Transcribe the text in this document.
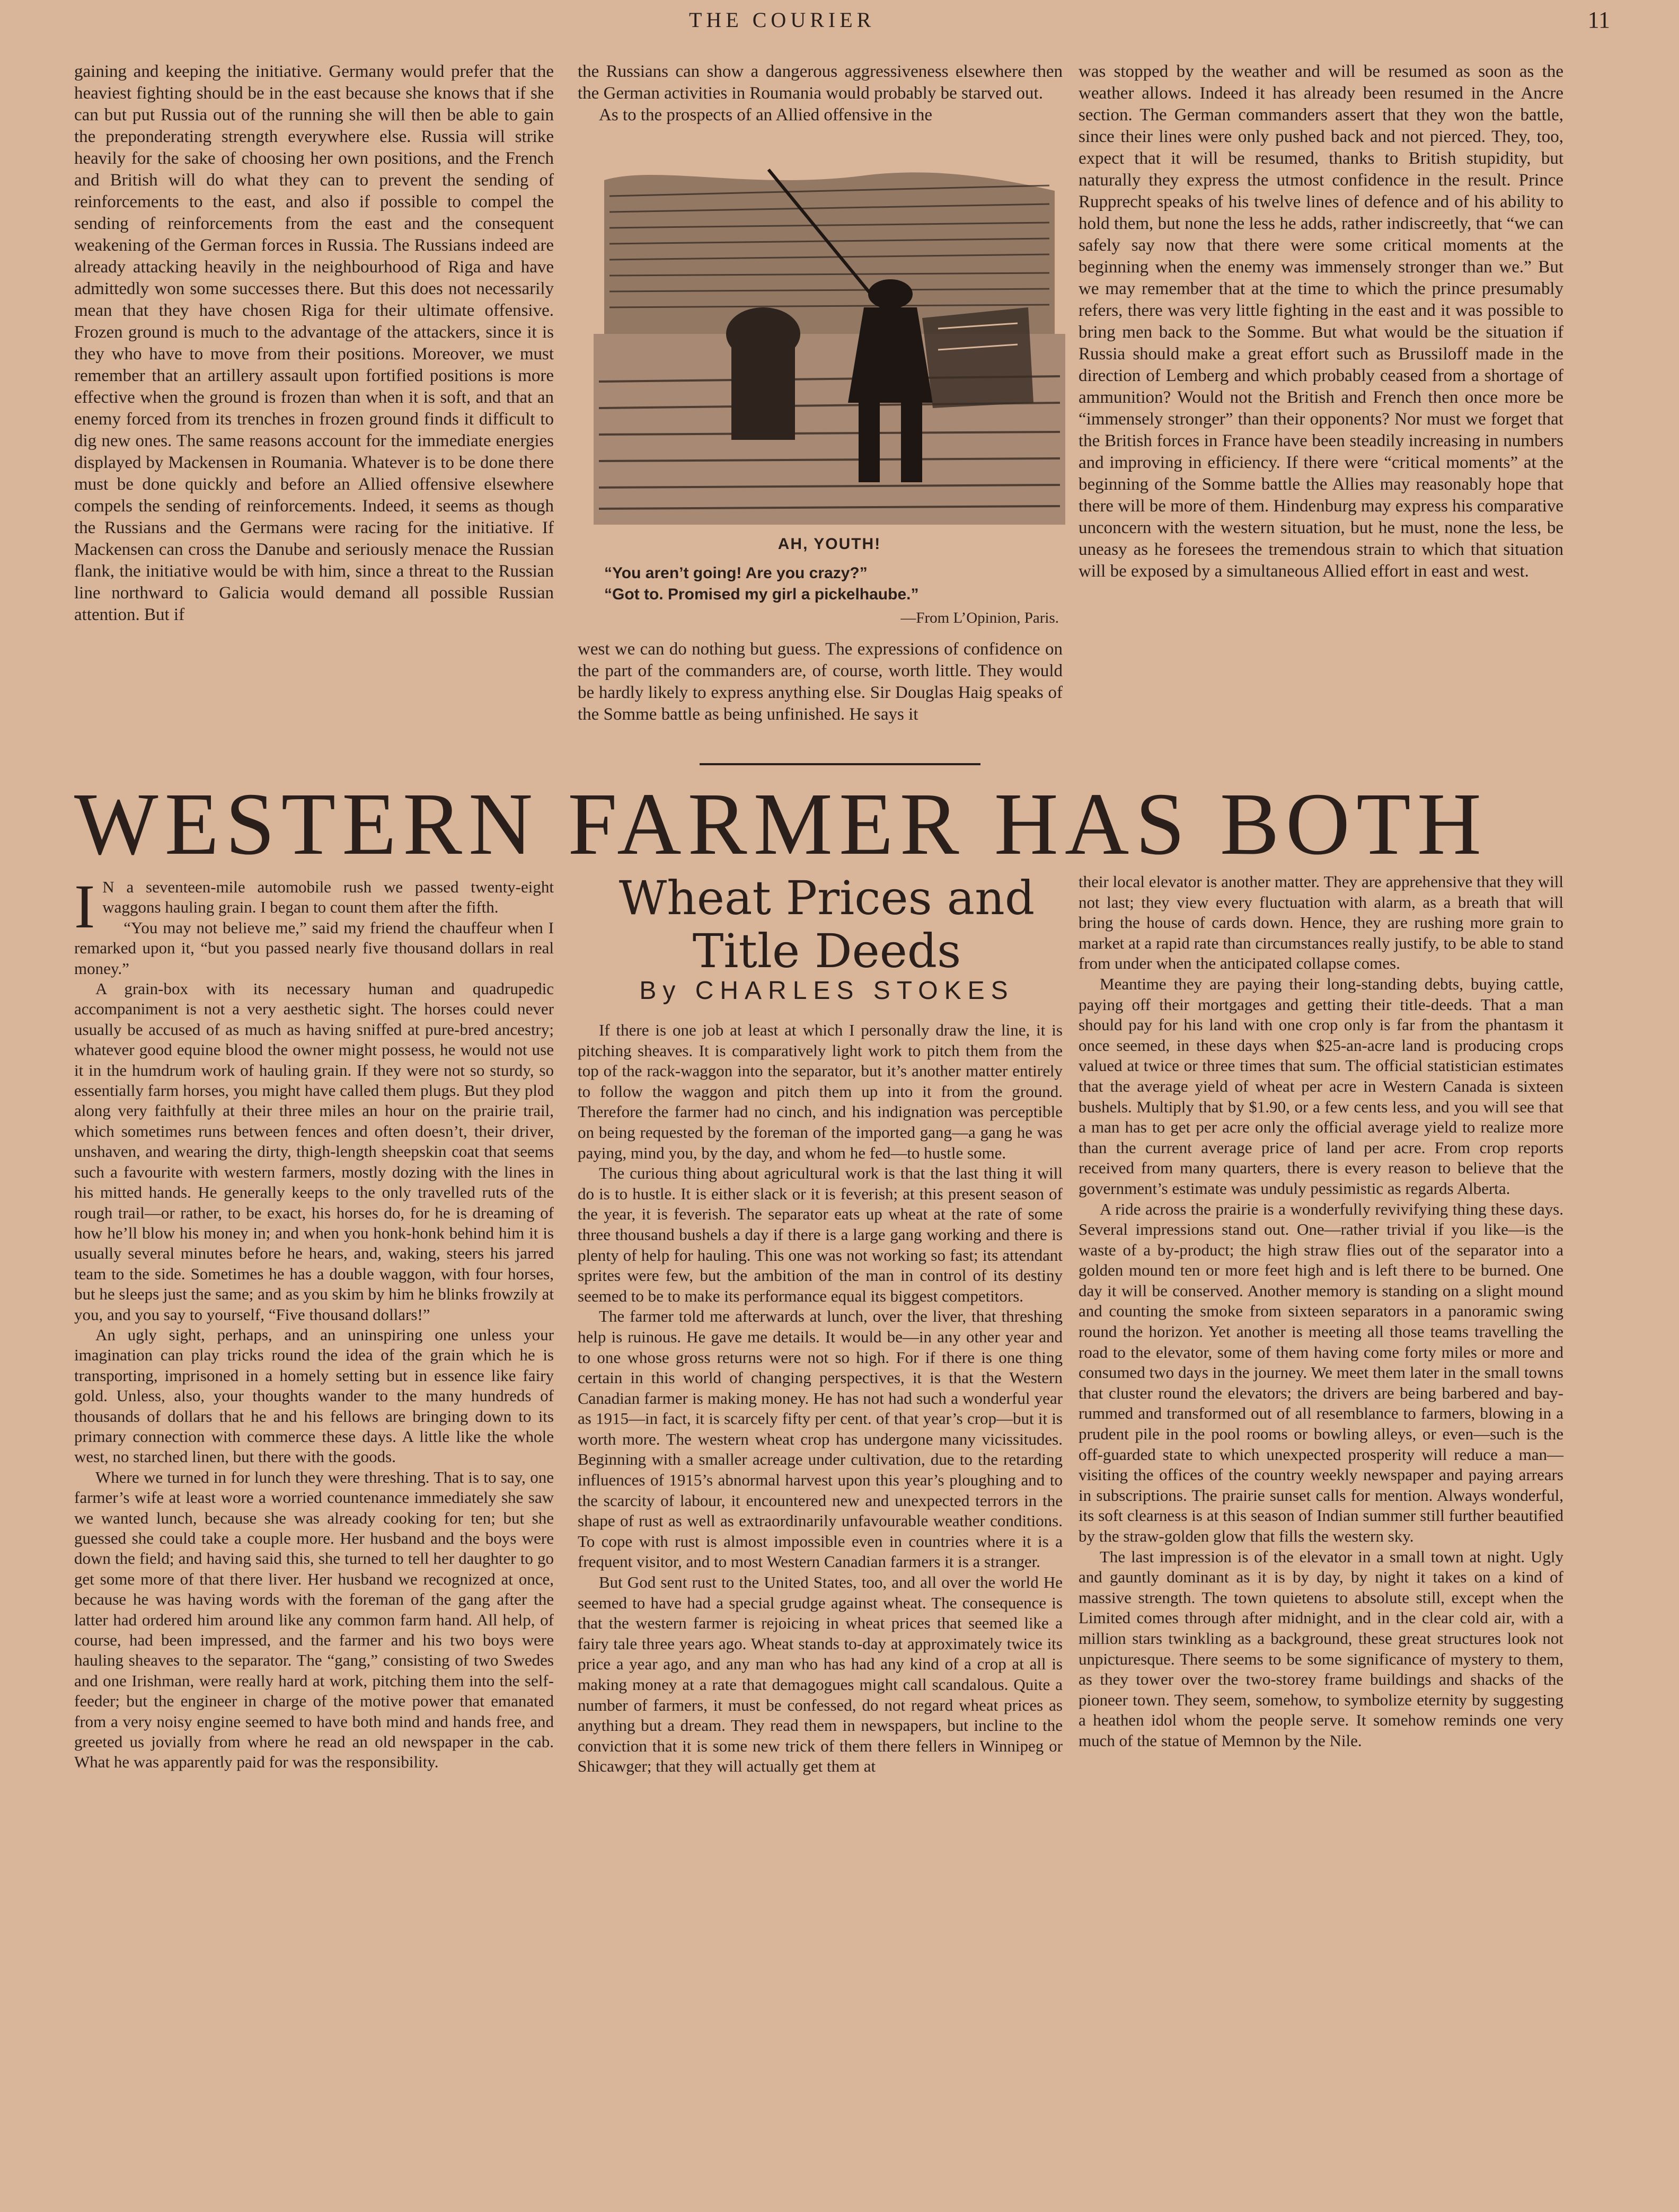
THE COURIER	11

gaining and keeping the initiative. Germany would prefer that the heaviest fighting should be in the east because she knows that if she can but put Russia out of the running she will then be able to gain the preponderating strength everywhere else. Russia will strike heavily for the sake of choosing her own positions, and the French and British will do what they can to prevent the sending of reinforcements to the east, and also if possible to compel the sending of reinforcements from the east and the consequent weakening of the German forces in Russia. The Russians indeed are already attacking heavily in the neighbourhood of Riga and have admittedly won some successes there. But this does not necessarily mean that they have chosen Riga for their ultimate offensive. Frozen ground is much to the advantage of the attackers, since it is they who have to move from their positions. Moreover, we must remember that an artillery assault upon fortified positions is more effective when the ground is frozen than when it is soft, and that an enemy forced from its trenches in frozen ground finds it difficult to dig new ones. The same reasons account for the immediate energies displayed by Mackensen in Roumania. Whatever is to be done there must be done quickly and before an Allied offensive elsewhere compels the sending of reinforcements. Indeed, it seems as though the Russians and the Germans were racing for the initiative. If Mackensen can cross the Danube and seriously menace the Russian flank, the initiative would be with him, since a threat to the Russian line northward to Galicia would demand all possible Russian attention. But if

the Russians can show a dangerous aggressiveness elsewhere then the German activities in Roumania would probably be starved out.

As to the prospects of an Allied offensive in the

AH, YOUTH!
“You aren’t going! Are you crazy?”
“Got to. Promised my girl a pickelhaube.”
—From L’Opinion, Paris.

west we can do nothing but guess. The expressions of confidence on the part of the commanders are, of course, worth little. They would be hardly likely to express anything else. Sir Douglas Haig speaks of the Somme battle as being unfinished. He says it

was stopped by the weather and will be resumed as soon as the weather allows. Indeed it has already been resumed in the Ancre section. The German commanders assert that they won the battle, since their lines were only pushed back and not pierced. They, too, expect that it will be resumed, thanks to British stupidity, but naturally they express the utmost confidence in the result. Prince Rupprecht speaks of his twelve lines of defence and of his ability to hold them, but none the less he adds, rather indiscreetly, that “we can safely say now that there were some critical moments at the beginning when the enemy was immensely stronger than we.” But we may remember that at the time to which the prince presumably refers, there was very little fighting in the east and it was possible to bring men back to the Somme. But what would be the situation if Russia should make a great effort such as Brussiloff made in the direction of Lemberg and which probably ceased from a shortage of ammunition? Would not the British and French then once more be “immensely stronger” than their opponents? Nor must we forget that the British forces in France have been steadily increasing in numbers and improving in efficiency. If there were “critical moments” at the beginning of the Somme battle the Allies may reasonably hope that there will be more of them. Hindenburg may express his comparative unconcern with the western situation, but he must, none the less, be uneasy as he foresees the tremendous strain to which that situation will be exposed by a simultaneous Allied effort in east and west.

WESTERN FARMER HAS BOTH
Wheat Prices and
Title Deeds
By CHARLES STOKES

I N a seventeen-mile automobile rush we passed twenty-eight waggons hauling grain. I began to count them after the fifth.

“You may not believe me,” said my friend the chauffeur when I remarked upon it, “but you passed nearly five thousand dollars in real money.”

A grain-box with its necessary human and quadrupedic accompaniment is not a very aesthetic sight. The horses could never usually be accused of as much as having sniffed at pure-bred ancestry; whatever good equine blood the owner might possess, he would not use it in the humdrum work of hauling grain. If they were not so sturdy, so essentially farm horses, you might have called them plugs. But they plod along very faithfully at their three miles an hour on the prairie trail, which sometimes runs between fences and often doesn’t, their driver, unshaven, and wearing the dirty, thigh-length sheepskin coat that seems such a favourite with western farmers, mostly dozing with the lines in his mitted hands. He generally keeps to the only travelled ruts of the rough trail—or rather, to be exact, his horses do, for he is dreaming of how he’ll blow his money in; and when you honk-honk behind him it is usually several minutes before he hears, and, waking, steers his jarred team to the side. Sometimes he has a double waggon, with four horses, but he sleeps just the same; and as you skim by him he blinks frowzily at you, and you say to yourself, “Five thousand dollars!”

An ugly sight, perhaps, and an uninspiring one unless your imagination can play tricks round the idea of the grain which he is transporting, imprisoned in a homely setting but in essence like fairy gold. Unless, also, your thoughts wander to the many hundreds of thousands of dollars that he and his fellows are bringing down to its primary connection with commerce these days. A little like the whole west, no starched linen, but there with the goods.

Where we turned in for lunch they were threshing. That is to say, one farmer’s wife at least wore a worried countenance immediately she saw we wanted lunch, because she was already cooking for ten; but she guessed she could take a couple more. Her husband and the boys were down the field; and having said this, she turned to tell her daughter to go get some more of that there liver. Her husband we recognized at once, because he was having words with the foreman of the gang after the latter had ordered him around like any common farm hand. All help, of course, had been impressed, and the farmer and his two boys were hauling sheaves to the separator. The “gang,” consisting of two Swedes and one Irishman, were really hard at work, pitching them into the self-feeder; but the engineer in charge of the motive power that emanated from a very noisy engine seemed to have both mind and hands free, and greeted us jovially from where he read an old newspaper in the cab. What he was apparently paid for was the responsibility.

If there is one job at least at which I personally draw the line, it is pitching sheaves. It is comparatively light work to pitch them from the top of the rack-waggon into the separator, but it’s another matter entirely to follow the waggon and pitch them up into it from the ground. Therefore the farmer had no cinch, and his indignation was perceptible on being requested by the foreman of the imported gang—a gang he was paying, mind you, by the day, and whom he fed—to hustle some.

The curious thing about agricultural work is that the last thing it will do is to hustle. It is either slack or it is feverish; at this present season of the year, it is feverish. The separator eats up wheat at the rate of some three thousand bushels a day if there is a large gang working and there is plenty of help for hauling. This one was not working so fast; its attendant sprites were few, but the ambition of the man in control of its destiny seemed to be to make its performance equal its biggest competitors.

The farmer told me afterwards at lunch, over the liver, that threshing help is ruinous. He gave me details. It would be—in any other year and to one whose gross returns were not so high. For if there is one thing certain in this world of changing perspectives, it is that the Western Canadian farmer is making money. He has not had such a wonderful year as 1915—in fact, it is scarcely fifty per cent. of that year’s crop—but it is worth more. The western wheat crop has undergone many vicissitudes. Beginning with a smaller acreage under cultivation, due to the retarding influences of 1915’s abnormal harvest upon this year’s ploughing and to the scarcity of labour, it encountered new and unexpected terrors in the shape of rust as well as extraordinarily unfavourable weather conditions. To cope with rust is almost impossible even in countries where it is a frequent visitor, and to most Western Canadian farmers it is a stranger.

But God sent rust to the United States, too, and all over the world He seemed to have had a special grudge against wheat. The consequence is that the western farmer is rejoicing in wheat prices that seemed like a fairy tale three years ago. Wheat stands to-day at approximately twice its price a year ago, and any man who has had any kind of a crop at all is making money at a rate that demagogues might call scandalous. Quite a number of farmers, it must be confessed, do not regard wheat prices as anything but a dream. They read them in newspapers, but incline to the conviction that it is some new trick of them there fellers in Winnipeg or Shicawger; that they will actually get them at

their local elevator is another matter. They are apprehensive that they will not last; they view every fluctuation with alarm, as a breath that will bring the house of cards down. Hence, they are rushing more grain to market at a rapid rate than circumstances really justify, to be able to stand from under when the anticipated collapse comes.

Meantime they are paying their long-standing debts, buying cattle, paying off their mortgages and getting their title-deeds. That a man should pay for his land with one crop only is far from the phantasm it once seemed, in these days when $25-an-acre land is producing crops valued at twice or three times that sum. The official statistician estimates that the average yield of wheat per acre in Western Canada is sixteen bushels. Multiply that by $1.90, or a few cents less, and you will see that a man has to get per acre only the official average yield to realize more than the current average price of land per acre. From crop reports received from many quarters, there is every reason to believe that the government’s estimate was unduly pessimistic as regards Alberta.

A ride across the prairie is a wonderfully revivifying thing these days. Several impressions stand out. One—rather trivial if you like—is the waste of a by-product; the high straw flies out of the separator into a golden mound ten or more feet high and is left there to be burned. One day it will be conserved. Another memory is standing on a slight mound and counting the smoke from sixteen separators in a panoramic swing round the horizon. Yet another is meeting all those teams travelling the road to the elevator, some of them having come forty miles or more and consumed two days in the journey. We meet them later in the small towns that cluster round the elevators; the drivers are being barbered and bay-rummed and transformed out of all resemblance to farmers, blowing in a prudent pile in the pool rooms or bowling alleys, or even—such is the off-guarded state to which unexpected prosperity will reduce a man—visiting the offices of the country weekly newspaper and paying arrears in subscriptions. The prairie sunset calls for mention. Always wonderful, its soft clearness is at this season of Indian summer still further beautified by the straw-golden glow that fills the western sky.

The last impression is of the elevator in a small town at night. Ugly and gauntly dominant as it is by day, by night it takes on a kind of massive strength. The town quietens to absolute still, except when the Limited comes through after midnight, and in the clear cold air, with a million stars twinkling as a background, these great structures look not unpicturesque. There seems to be some significance of mystery to them, as they tower over the two-storey frame buildings and shacks of the pioneer town. They seem, somehow, to symbolize eternity by suggesting a heathen idol whom the people serve. It somehow reminds one very much of the statue of Memnon by the Nile.
